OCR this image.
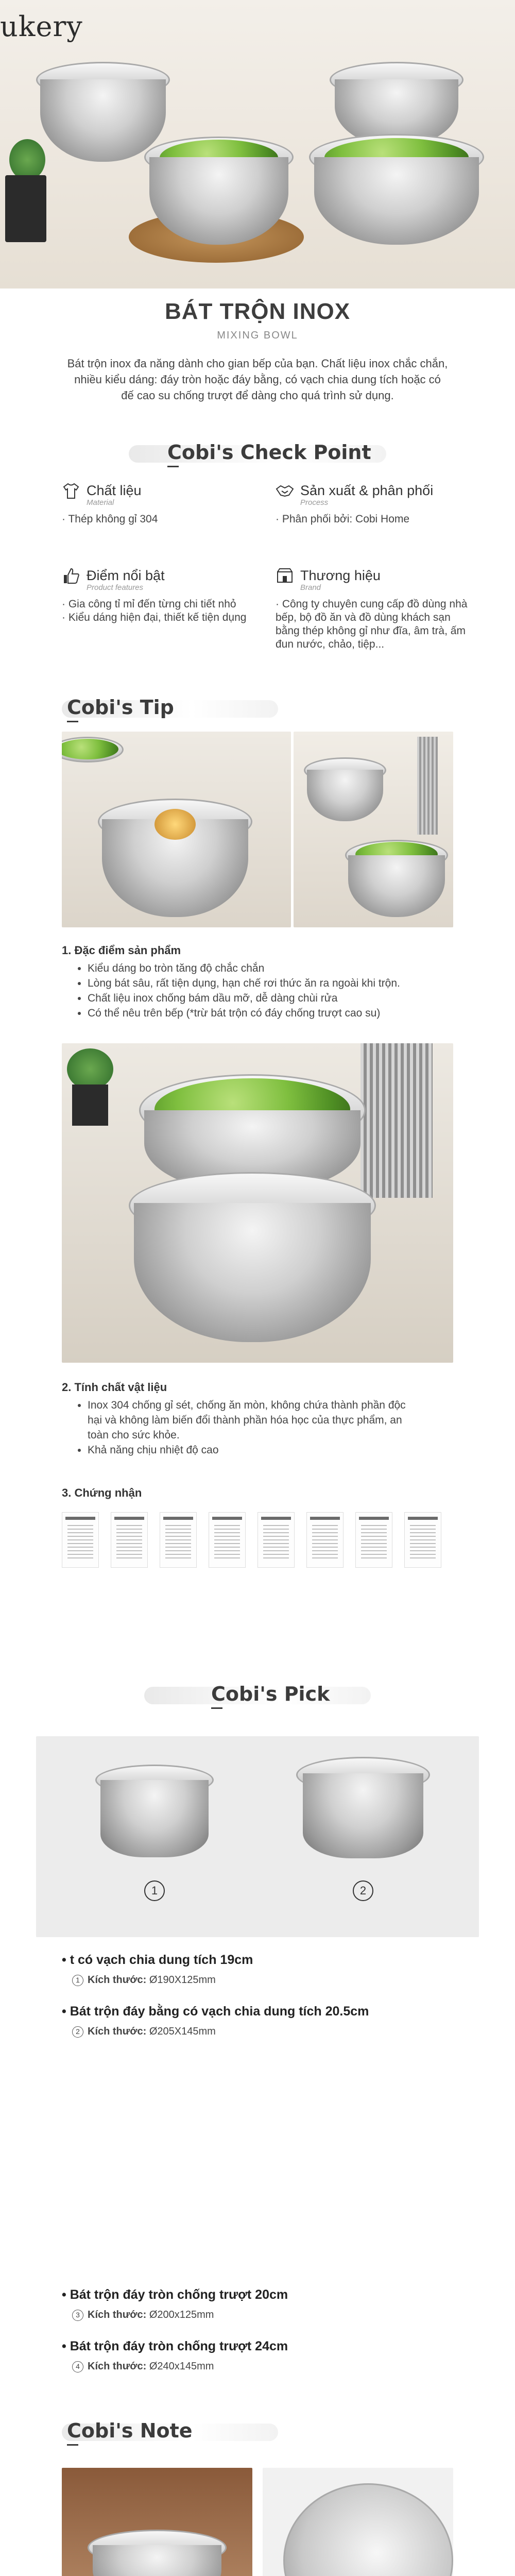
ukery
BÁT TRỘN INOX
MIXING BOWL
Bát trộn inox đa năng dành cho gian bếp của bạn. Chất liệu inox chắc chắn, nhiều kiểu dáng: đáy tròn hoặc đáy bằng, có vạch chia dung tích hoặc có đế cao su chống trượt để dàng cho quá trình sử dụng.
Cobi's Check Point
Chất liệu
Material
· Thép không gỉ 304
Sản xuất & phân phối
Process
· Phân phối bởi: Cobi Home
Điểm nổi bật
Product features
· Gia công tỉ mỉ đến từng chi tiết nhỏ
· Kiểu dáng hiện đại, thiết kế tiện dụng
Thương hiệu
Brand
· Công ty chuyên cung cấp đồ dùng nhà bếp, bộ đồ ăn và đồ dùng khách sạn bằng thép không gỉ như đĩa, âm trà, ấm đun nước, chảo, tiệp...
Cobi's Tip
1. Đặc điểm sản phẩm
• Kiểu dáng bo tròn tăng độ chắc chắn
• Lòng bát sâu, rất tiện dụng, hạn chế rơi thức ăn ra ngoài khi trộn.
• Chất liệu inox chống bám dầu mỡ, dễ dàng chùi rửa
• Có thể nêu trên bếp (*trừ bát trộn có đáy chống trượt cao su)
2. Tính chất vật liệu
• Inox 304 chống gỉ sét, chống ăn mòn, không chứa thành phần độc hại và không làm biến đổi thành phần hóa học của thực phẩm, an toàn cho sức khỏe.
• Khả năng chịu nhiệt độ cao
3. Chứng nhận
Cobi's Pick
1	2
• t có vạch chia dung tích 19cm
1 Kích thước: Ø190X125mm
• Bát trộn đáy bằng có vạch chia dung tích 20.5cm
2 Kích thước: Ø205X145mm
• Bát trộn đáy tròn chống trượt 20cm
3 Kích thước: Ø200x125mm
• Bát trộn đáy tròn chống trượt 24cm
4 Kích thước: Ø240x145mm
Cobi's Note
